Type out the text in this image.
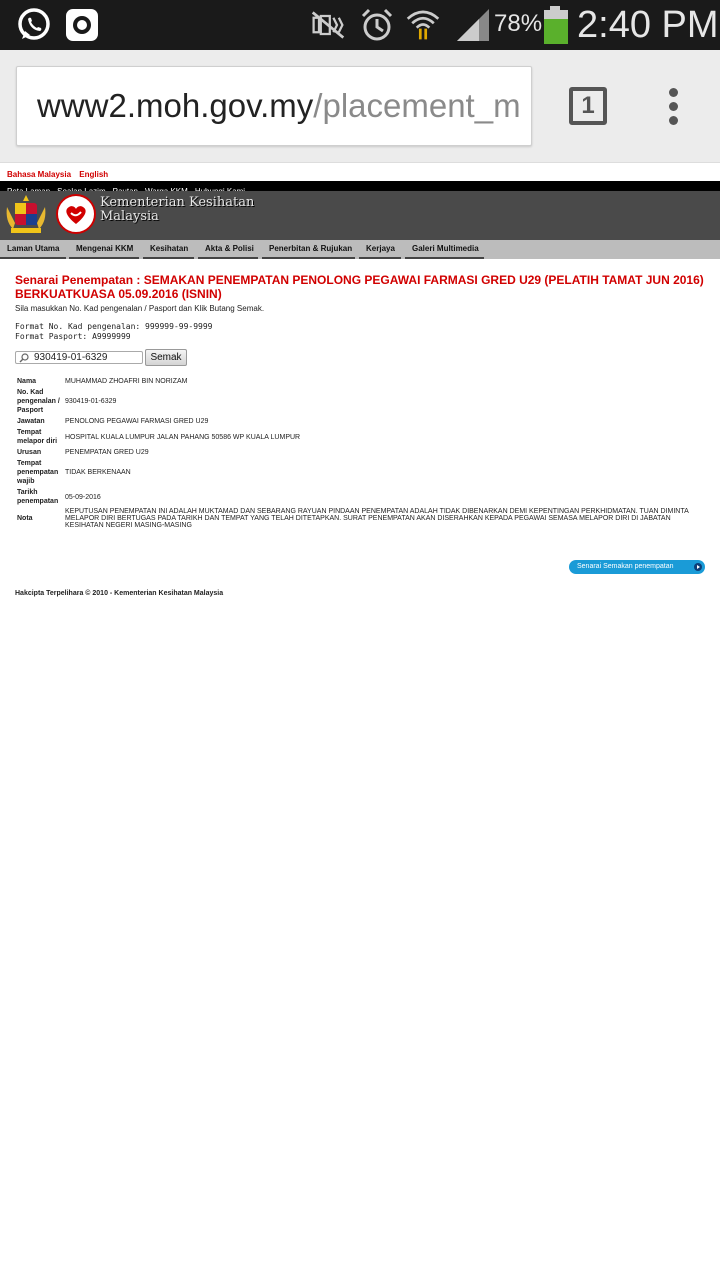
78% 2:40 PM
www2.moh.gov.my/placement_m	1
Bahasa Malaysia English
Kementerian Kesihatan
Malaysia
Laman Utama	Mengenai KKM	Kesihatan	Akta & Polisi	Penerbitan & Rujukan	Kerjaya	Galeri Multimedia
Senarai Penempatan : SEMAKAN PENEMPATAN PENOLONG PEGAWAI FARMASI GRED U29 (PELATIH TAMAT JUN 2016) BERKUATKUASA 05.09.2016 (ISNIN)
Sila masukkan No. Kad pengenalan / Pasport dan Klik Butang Semak.
Format No. Kad pengenalan: 999999-99-9999
Format Pasport: A9999999
930419-01-6329	Semak
Nama	MUHAMMAD ZHOAFRI BIN NORIZAM
No. Kad pengenalan / Pasport	930419-01-6329
Jawatan	PENOLONG PEGAWAI FARMASI GRED U29
Tempat melapor diri	HOSPITAL KUALA LUMPUR JALAN PAHANG 50586 WP KUALA LUMPUR
Urusan	PENEMPATAN GRED U29
Tempat penempatan wajib	TIDAK BERKENAAN
Tarikh penempatan	05-09-2016
Nota	KEPUTUSAN PENEMPATAN INI ADALAH MUKTAMAD DAN SEBARANG RAYUAN PINDAAN PENEMPATAN ADALAH TIDAK DIBENARKAN DEMI KEPENTINGAN PERKHIDMATAN. TUAN DIMINTA MELAPOR DIRI BERTUGAS PADA TARIKH DAN TEMPAT YANG TELAH DITETAPKAN. SURAT PENEMPATAN AKAN DISERAHKAN KEPADA PEGAWAI SEMASA MELAPOR DIRI DI JABATAN KESIHATAN NEGERI MASING-MASING
Senarai Semakan penempatan
Hakcipta Terpelihara © 2010 - Kementerian Kesihatan Malaysia
